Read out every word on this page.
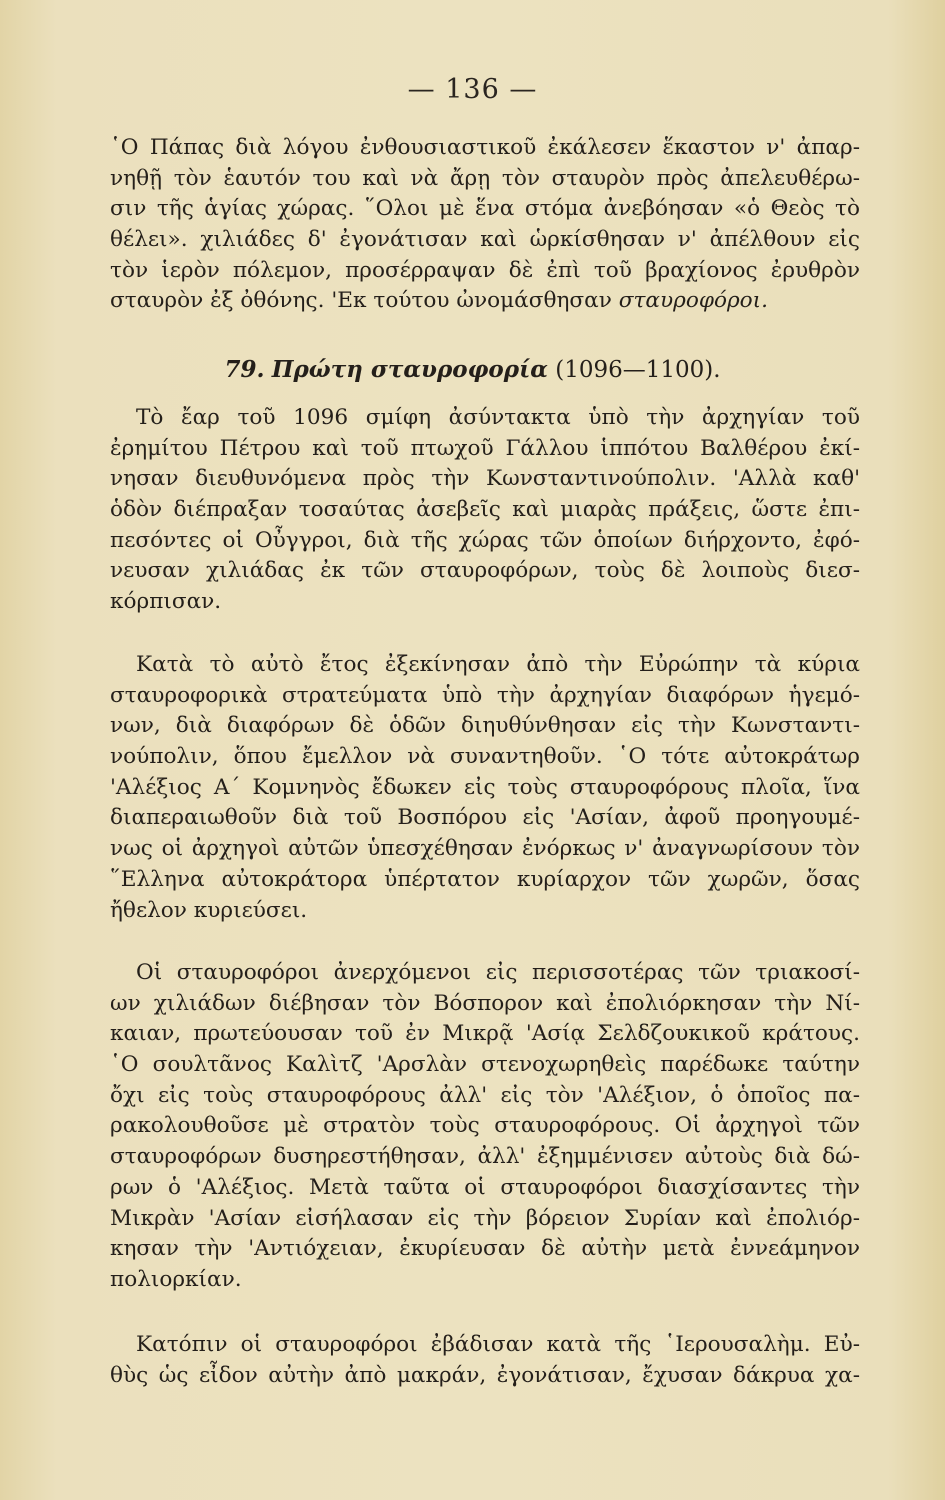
— 136 —
῾Ο Πάπας διὰ λόγου ἐνθουσιαστικοῦ ἐκάλεσεν ἕκαστον ν' ἀπαρ-
νηθῇ τὸν ἑαυτόν του καὶ νὰ ἄρῃ τὸν σταυρὸν πρὸς ἀπελευθέρω-
σιν τῆς ἁγίας χώρας. ῞Ολοι μὲ ἕνα στόμα ἀνεβόησαν «ὁ Θεὸς τὸ
θέλει». χιλιάδες δ' ἐγονάτισαν καὶ ὡρκίσθησαν ν' ἀπέλθουν εἰς
τὸν ἱερὸν πόλεμον, προσέρραψαν δὲ ἐπὶ τοῦ βραχίονος ἐρυθρὸν
σταυρὸν ἐξ ὀθόνης. 'Εκ τούτου ὠνομάσθησαν σταυροφόροι.
79. Πρώτη σταυροφορία (1096—1100).
Τὸ ἔαρ τοῦ 1096 σμίφη ἀσύντακτα ὑπὸ τὴν ἀρχηγίαν τοῦ
ἐρημίτου Πέτρου καὶ τοῦ πτωχοῦ Γάλλου ἱππότου Βαλθέρου ἐκί-
νησαν διευθυνόμενα πρὸς τὴν Κωνσταντινούπολιν. 'Αλλὰ καθ'
ὁδὸν διέπραξαν τοσαύτας ἀσεβεῖς καὶ μιαρὰς πράξεις, ὥστε ἐπι-
πεσόντες οἱ Οὖγγροι, διὰ τῆς χώρας τῶν ὁποίων διήρχοντο, ἐφό-
νευσαν χιλιάδας ἐκ τῶν σταυροφόρων, τοὺς δὲ λοιποὺς διεσ-
κόρπισαν.
Κατὰ τὸ αὐτὸ ἔτος ἐξεκίνησαν ἀπὸ τὴν Εὐρώπην τὰ κύρια
σταυροφορικὰ στρατεύματα ὑπὸ τὴν ἀρχηγίαν διαφόρων ἡγεμό-
νων, διὰ διαφόρων δὲ ὁδῶν διηυθύνθησαν εἰς τὴν Κωνσταντι-
νούπολιν, ὅπου ἔμελλον νὰ συναντηθοῦν. ῾Ο τότε αὐτοκράτωρ
'Αλέξιος Α΄ Κομνηνὸς ἔδωκεν εἰς τοὺς σταυροφόρους πλοῖα, ἵνα
διαπεραιωθοῦν διὰ τοῦ Βοσπόρου εἰς 'Ασίαν, ἀφοῦ προηγουμέ-
νως οἱ ἀρχηγοὶ αὐτῶν ὑπεσχέθησαν ἐνόρκως ν' ἀναγνωρίσουν τὸν
῞Ελληνα αὐτοκράτορα ὑπέρτατον κυρίαρχον τῶν χωρῶν, ὅσας
ἤθελον κυριεύσει.
Οἱ σταυροφόροι ἀνερχόμενοι εἰς περισσοτέρας τῶν τριακοσί-
ων χιλιάδων διέβησαν τὸν Βόσπορον καὶ ἐπολιόρκησαν τὴν Νί-
καιαν, πρωτεύουσαν τοῦ ἐν Μικρᾷ 'Ασίᾳ Σελδζουκικοῦ κράτους.
῾Ο σουλτᾶνος Καλὶτζ 'Αρσλὰν στενοχωρηθεὶς παρέδωκε ταύτην
ὄχι εἰς τοὺς σταυροφόρους ἀλλ' εἰς τὸν 'Αλέξιον, ὁ ὁποῖος πα-
ρακολουθοῦσε μὲ στρατὸν τοὺς σταυροφόρους. Οἱ ἀρχηγοὶ τῶν
σταυροφόρων δυσηρεστήθησαν, ἀλλ' ἐξημμένισεν αὐτοὺς διὰ δώ-
ρων ὁ 'Αλέξιος. Μετὰ ταῦτα οἱ σταυροφόροι διασχίσαντες τὴν
Μικρὰν 'Ασίαν εἰσήλασαν εἰς τὴν βόρειον Συρίαν καὶ ἐπολιόρ-
κησαν τὴν 'Αντιόχειαν, ἐκυρίευσαν δὲ αὐτὴν μετὰ ἐννεάμηνον
πολιορκίαν.
Κατόπιν οἱ σταυροφόροι ἐβάδισαν κατὰ τῆς ῾Ιερουσαλὴμ. Εὐ-
θὺς ὡς εἶδον αὐτὴν ἀπὸ μακράν, ἐγονάτισαν, ἔχυσαν δάκρυα χα-
